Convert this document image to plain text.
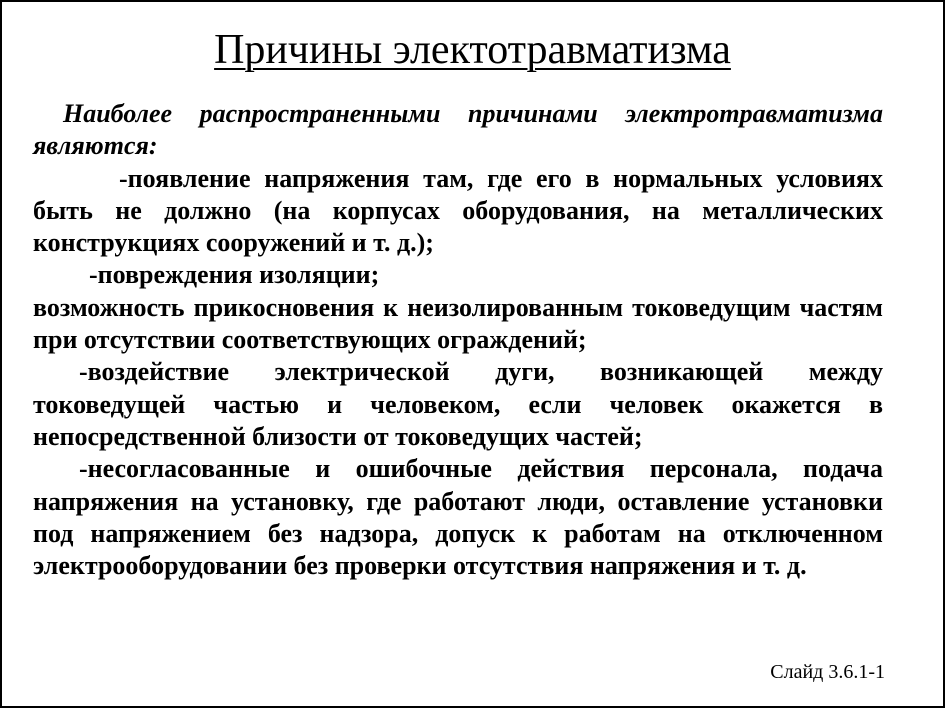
Причины электотравматизма

Наиболее распространенными причинами электротравматизма являются:

-появление напряжения там, где его в нормальных условиях быть не должно (на корпусах оборудования, на металлических конструкциях сооружений и т. д.);

-повреждения изоляции;

возможность прикосновения к неизолированным токоведущим частям при отсутствии соответствующих ограждений;

-воздействие электрической дуги, возникающей между токоведущей частью и человеком, если человек окажется в непосредственной близости от токоведущих частей;

-несогласованные и ошибочные действия персонала, подача напряжения на установку, где работают люди, оставление установки под напряжением без надзора, допуск к работам на отключенном электрооборудовании без проверки отсутствия напряжения и т. д.

Слайд 3.6.1-1
